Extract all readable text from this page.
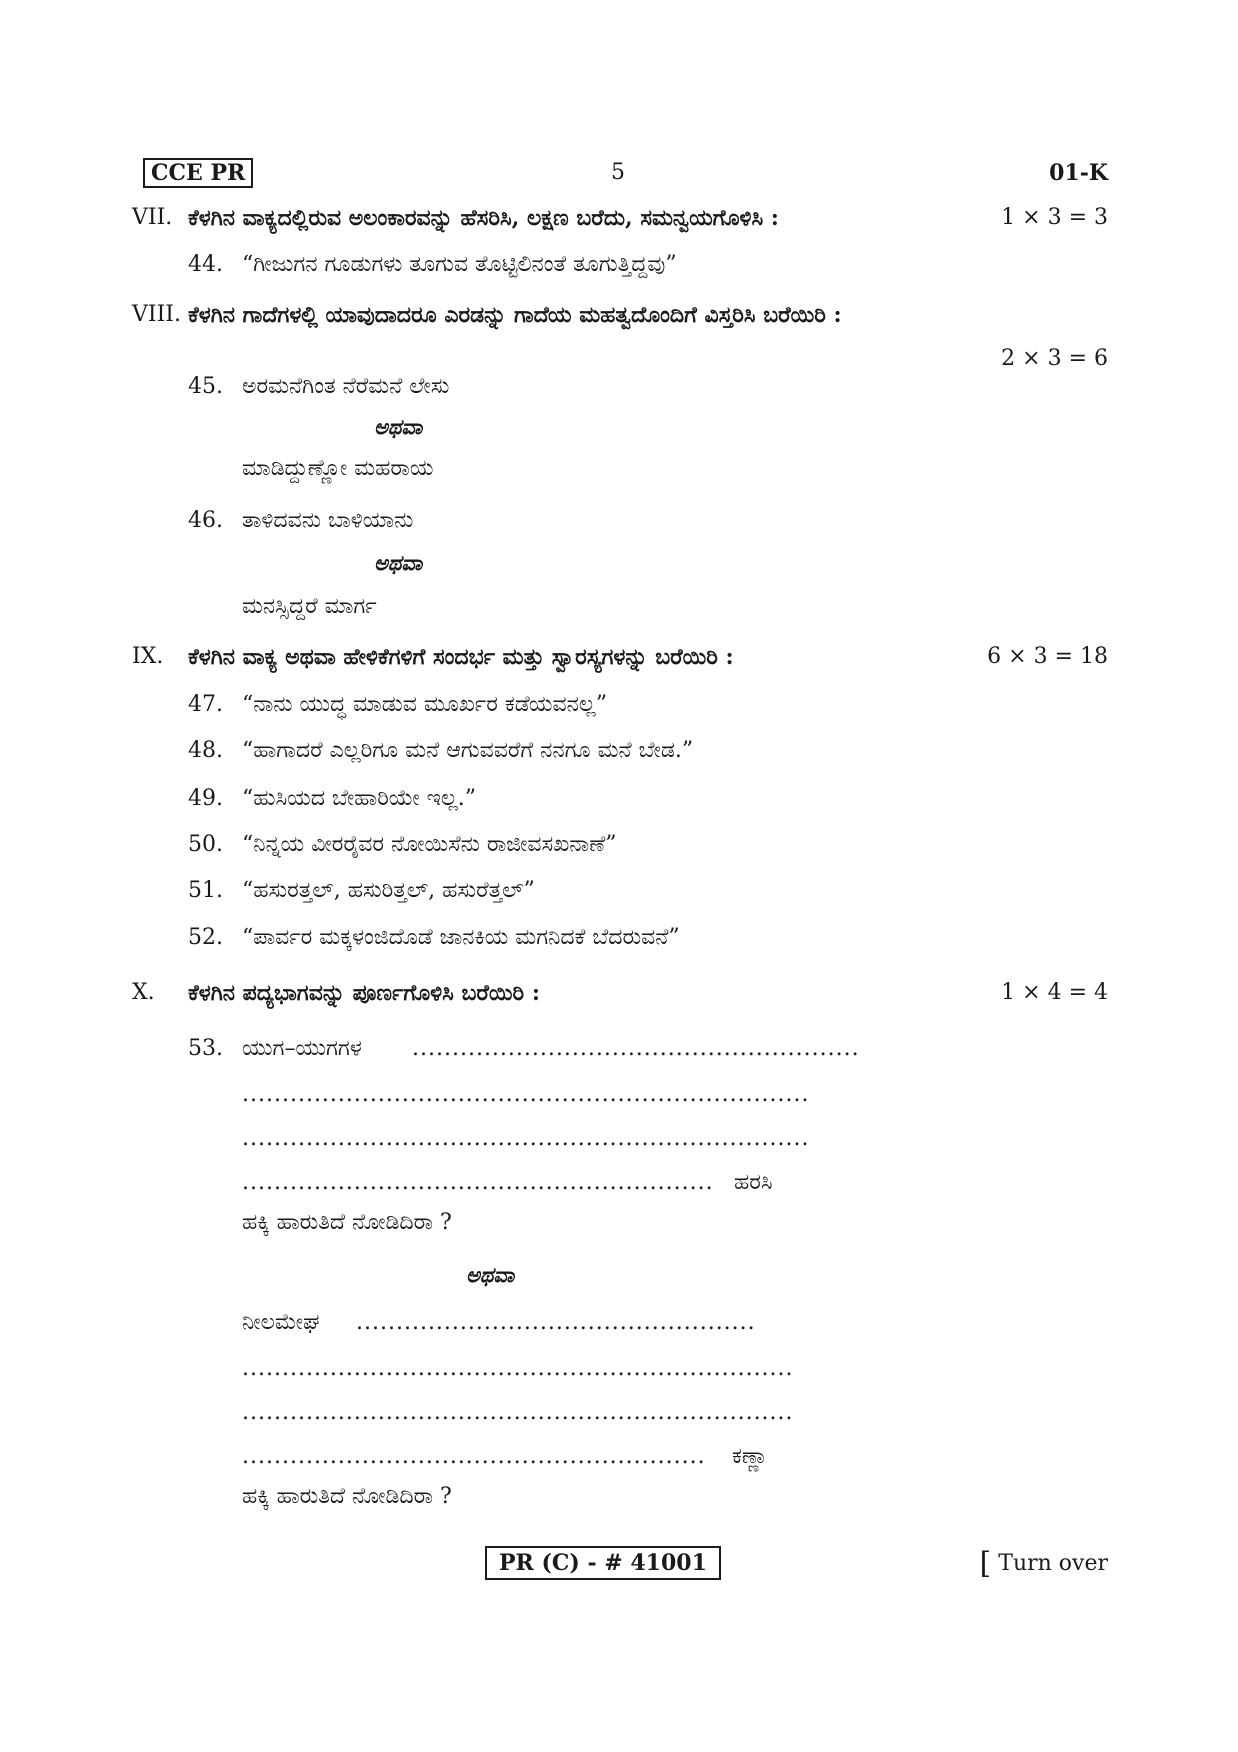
CCE PR	5	01-K
VII. ಕೆಳಗಿನ ವಾಕ್ಯದಲ್ಲಿರುವ ಅಲಂಕಾರವನ್ನು ಹೆಸರಿಸಿ, ಲಕ್ಷಣ ಬರೆದು, ಸಮನ್ವಯಗೊಳಿಸಿ :	1 × 3 = 3
44. “ಗೀಜುಗನ ಗೂಡುಗಳು ತೂಗುವ ತೊಟ್ಟಿಲಿನಂತೆ ತೂಗುತ್ತಿದ್ದವು”
VIII. ಕೆಳಗಿನ ಗಾದೆಗಳಲ್ಲಿ ಯಾವುದಾದರೂ ಎರಡನ್ನು ಗಾದೆಯ ಮಹತ್ವದೊಂದಿಗೆ ವಿಸ್ತರಿಸಿ ಬರೆಯಿರಿ :
2 × 3 = 6
45. ಅರಮನೆಗಿಂತ ನೆರೆಮನೆ ಲೇಸು
ಅಥವಾ
ಮಾಡಿದ್ದುಣ್ಣೋ ಮಹರಾಯ
46. ತಾಳಿದವನು ಬಾಳಿಯಾನು
ಅಥವಾ
ಮನಸ್ಸಿದ್ದರೆ ಮಾರ್ಗ
IX. ಕೆಳಗಿನ ವಾಕ್ಯ ಅಥವಾ ಹೇಳಿಕೆಗಳಿಗೆ ಸಂದರ್ಭ ಮತ್ತು ಸ್ವಾರಸ್ಯಗಳನ್ನು ಬರೆಯಿರಿ :	6 × 3 = 18
47. “ನಾನು ಯುದ್ಧ ಮಾಡುವ ಮೂರ್ಖರ ಕಡೆಯವನಲ್ಲ”
48. “ಹಾಗಾದರೆ ಎಲ್ಲರಿಗೂ ಮನೆ ಆಗುವವರೆಗೆ ನನಗೂ ಮನೆ ಬೇಡ.”
49. “ಹುಸಿಯದ ಬೇಹಾರಿಯೇ ಇಲ್ಲ.”
50. “ನಿನ್ನಯ ವೀರರೈವರ ನೋಯಿಸೆನು ರಾಜೀವಸಖನಾಣೆ”
51. “ಹಸುರತ್ತಲ್, ಹಸುರಿತ್ತಲ್, ಹಸುರೆತ್ತಲ್”
52. “ಪಾರ್ವರ ಮಕ್ಕಳಂಜಿದೊಡೆ ಜಾನಕಿಯ ಮಗನಿದಕೆ ಬೆದರುವನೆ”
X. ಕೆಳಗಿನ ಪದ್ಯಭಾಗವನ್ನು ಪೂರ್ಣಗೊಳಿಸಿ ಬರೆಯಿರಿ :	1 × 4 = 4
53. ಯುಗ–ಯುಗಗಳ ........................................................
.......................................................................
.......................................................................
........................................................... ಹರಸಿ
ಹಕ್ಕಿ ಹಾರುತಿದೆ ನೋಡಿದಿರಾ ?
ಅಥವಾ
ನೀಲಮೇಘ ..................................................
.....................................................................
.....................................................................
.......................................................... ಕಣ್ಣಾ
ಹಕ್ಕಿ ಹಾರುತಿದೆ ನೋಡಿದಿರಾ ?
PR (C) - # 41001	[ Turn over
